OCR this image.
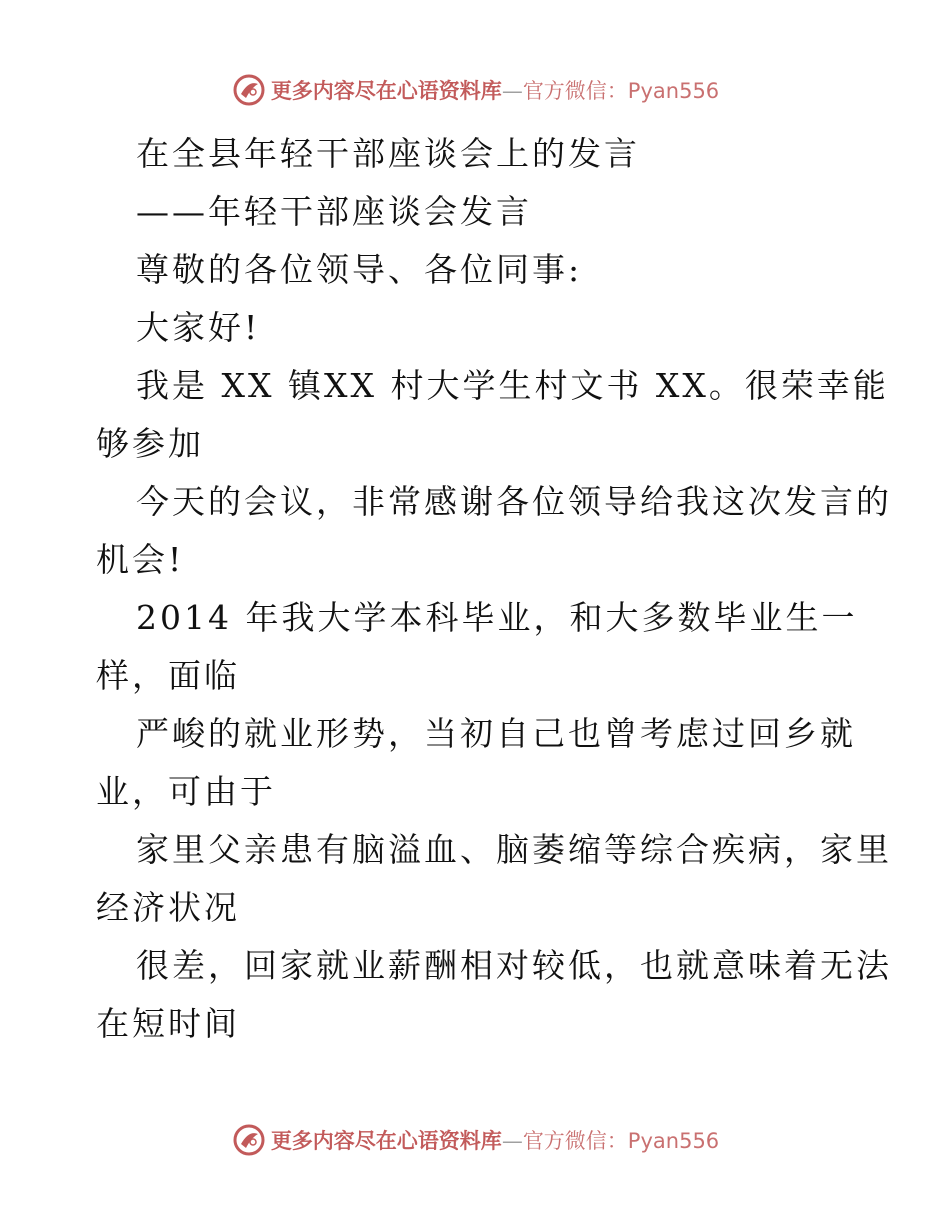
更多内容尽在心语资料库—官方微信：Pyan556
在全县年轻干部座谈会上的发言
——年轻干部座谈会发言
尊敬的各位领导、各位同事:
大家好!
我是 XX 镇XX 村大学生村文书 XX。很荣幸能
够参加
今天的会议，非常感谢各位领导给我这次发言的
机会!
2014 年我大学本科毕业，和大多数毕业生一
样，面临
严峻的就业形势，当初自己也曾考虑过回乡就
业，可由于
家里父亲患有脑溢血、脑萎缩等综合疾病，家里
经济状况
很差，回家就业薪酬相对较低，也就意味着无法
在短时间
更多内容尽在心语资料库—官方微信：Pyan556
